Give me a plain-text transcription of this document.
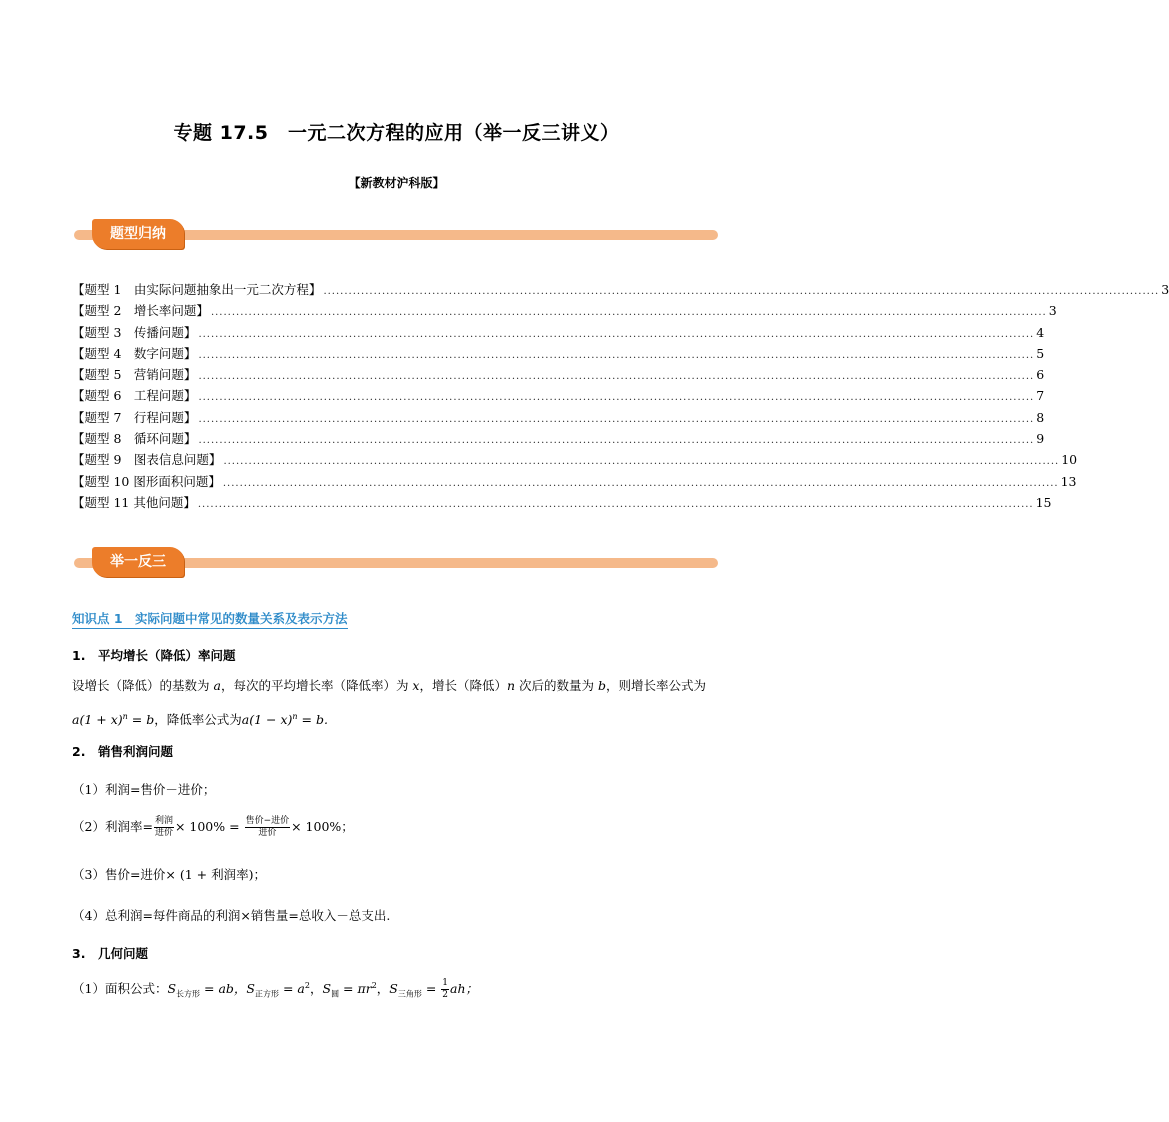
专题 17.5　一元二次方程的应用（举一反三讲义）
【新教材沪科版】
题型归纳
【题型 1　由实际问题抽象出一元二次方程】 ........................................................................................................................................................................................................ 3
【题型 2　增长率问题】 ........................................................................................................................................................................................................ 3
【题型 3　传播问题】 ........................................................................................................................................................................................................ 4
【题型 4　数字问题】 ........................................................................................................................................................................................................ 5
【题型 5　营销问题】 ........................................................................................................................................................................................................ 6
【题型 6　工程问题】 ........................................................................................................................................................................................................ 7
【题型 7　行程问题】 ........................................................................................................................................................................................................ 8
【题型 8　循环问题】 ........................................................................................................................................................................................................ 9
【题型 9　图表信息问题】 ........................................................................................................................................................................................................ 10
【题型 10 图形面积问题】 ........................................................................................................................................................................................................ 13
【题型 11 其他问题】 ........................................................................................................................................................................................................ 15
举一反三
知识点 1　实际问题中常见的数量关系及表示方法
1.　平均增长（降低）率问题
设增长（降低）的基数为 a，每次的平均增长率（降低率）为 x，增长（降低）n 次后的数量为 b，则增长率公式为$a(1 + x)^n = b$，降低率公式为$a(1 - x)^n = b$.
2.　销售利润问题
（1）利润=售价－进价；
（2）利润率= $\frac{\text{利润}}{\text{进价}} \times 100\% = \frac{\text{售价−进价}}{\text{进价}} \times 100\%$；
（3）售价=进价× (1 + 利润率)；
（4）总利润=每件商品的利润×销售量=总收入－总支出.
3.　几何问题
（1）面积公式：$S_{长方形}$ = ab，$S_{正方形} = a^2$，$S_圆 = \pi r^2$，$S_{三角形} = \frac{1}{2}$ ah；
